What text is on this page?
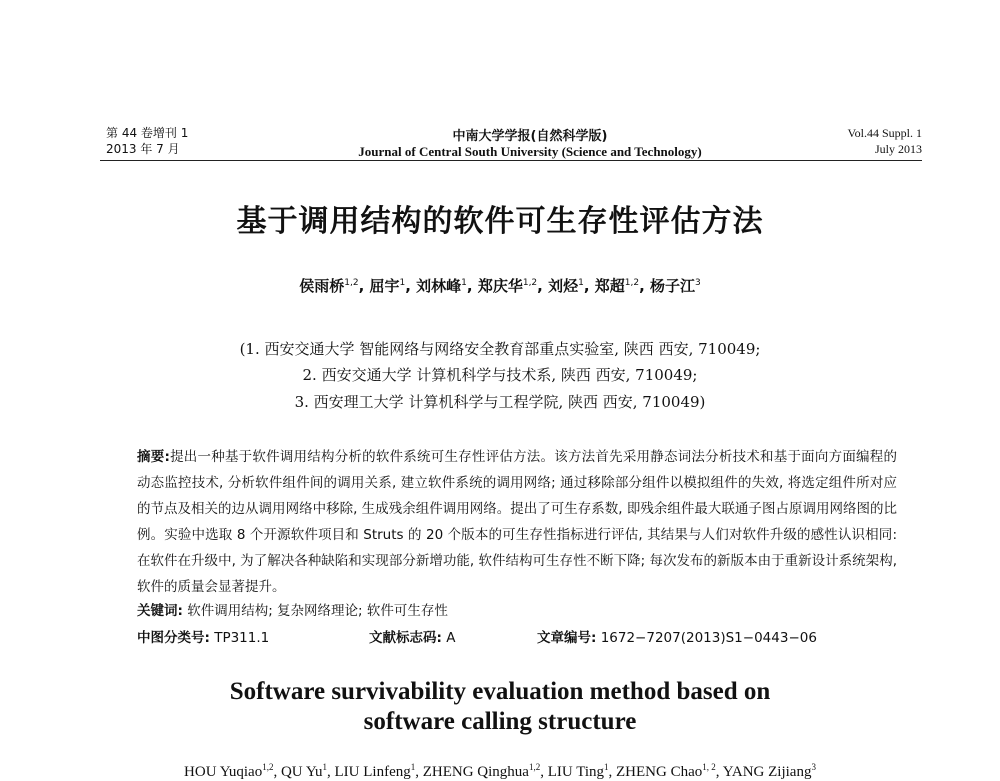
第 44 卷增刊 1
2013 年 7 月
中南大学学报(自然科学版)
Journal of Central South University (Science and Technology)
Vol.44 Suppl. 1
July 2013
基于调用结构的软件可生存性评估方法
侯雨桥$^{1,2}$, 屈宇$^1$, 刘林峰$^1$, 郑庆华$^{1,2}$, 刘烃$^1$, 郑超$^{1,2}$, 杨子江$^3$
(1. 西安交通大学 智能网络与网络安全教育部重点实验室, 陕西 西安, 710049;
2. 西安交通大学 计算机科学与技术系, 陕西 西安, 710049;
3. 西安理工大学 计算机科学与工程学院, 陕西 西安, 710049)
摘要:提出一种基于软件调用结构分析的软件系统可生存性评估方法。该方法首先采用静态词法分析技术和基于面向方面编程的动态监控技术, 分析软件组件间的调用关系, 建立软件系统的调用网络; 通过移除部分组件以模拟组件的失效, 将选定组件所对应的节点及相关的边从调用网络中移除, 生成残余组件调用网络。提出了可生存系数, 即残余组件最大联通子图占原调用网络图的比例。实验中选取 8 个开源软件项目和 Struts 的 20 个版本的可生存性指标进行评估, 其结果与人们对软件升级的感性认识相同: 在软件在升级中, 为了解决各种缺陷和实现部分新增功能, 软件结构可生存性不断下降; 每次发布的新版本由于重新设计系统架构, 软件的质量会显著提升。
关键词: 软件调用结构; 复杂网络理论; 软件可生存性
中图分类号: TP311.1	文献标志码: A	文章编号: 1672−7207(2013)S1−0443−06
Software survivability evaluation method based on
software calling structure
HOU Yuqiao$^{1,2}$, QU Yu$^1$, LIU Linfeng$^1$, ZHENG Qinghua$^{1,2}$, LIU Ting$^1$, ZHENG Chao$^{1, 2}$, YANG Zijiang$^3$
